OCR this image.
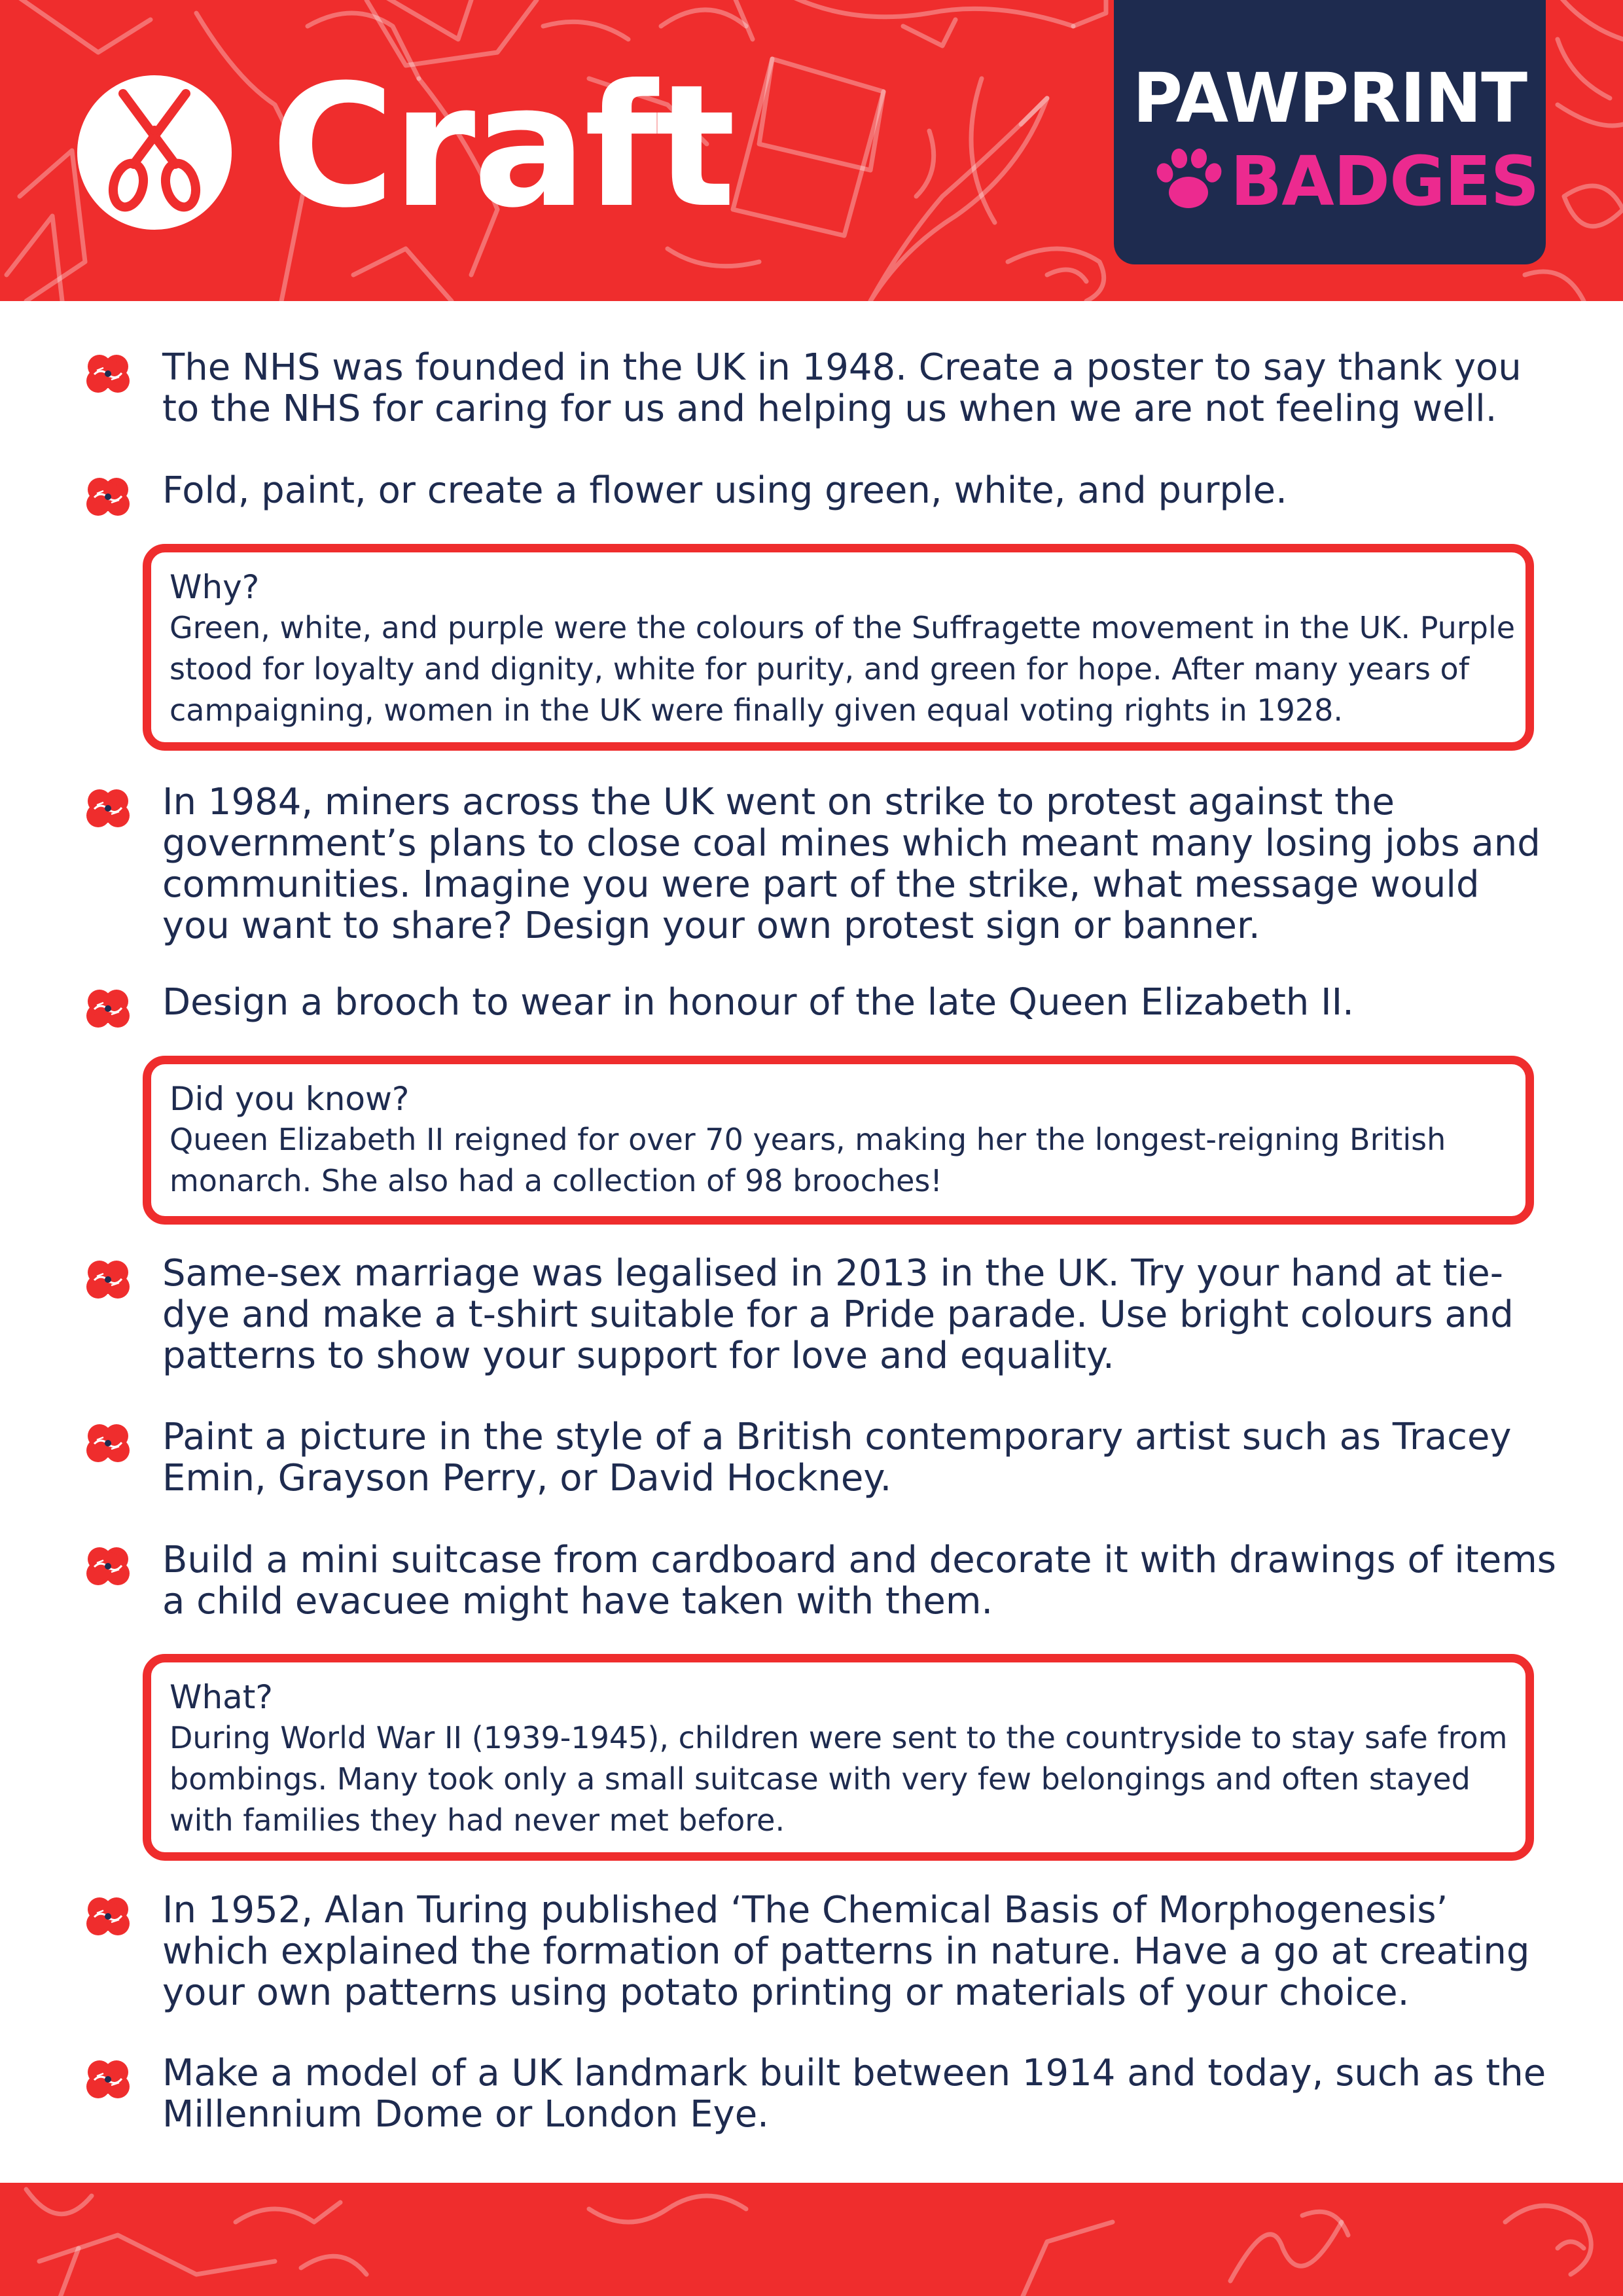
Craft	PAWPRINT
BADGES
The NHS was founded in the UK in 1948. Create a poster to say thank you to the NHS for caring for us and helping us when we are not feeling well.
Fold, paint, or create a flower using green, white, and purple.
Why?
Green, white, and purple were the colours of the Suffragette movement in the UK. Purple stood for loyalty and dignity, white for purity, and green for hope. After many years of campaigning, women in the UK were finally given equal voting rights in 1928.
In 1984, miners across the UK went on strike to protest against the government’s plans to close coal mines which meant many losing jobs and communities. Imagine you were part of the strike, what message would you want to share? Design your own protest sign or banner.
Design a brooch to wear in honour of the late Queen Elizabeth II.
Did you know?
Queen Elizabeth II reigned for over 70 years, making her the longest-reigning British monarch. She also had a collection of 98 brooches!
Same-sex marriage was legalised in 2013 in the UK. Try your hand at tie-dye and make a t-shirt suitable for a Pride parade. Use bright colours and patterns to show your support for love and equality.
Paint a picture in the style of a British contemporary artist such as Tracey Emin, Grayson Perry, or David Hockney.
Build a mini suitcase from cardboard and decorate it with drawings of items a child evacuee might have taken with them.
What?
During World War II (1939-1945), children were sent to the countryside to stay safe from bombings. Many took only a small suitcase with very few belongings and often stayed with families they had never met before.
In 1952, Alan Turing published ‘The Chemical Basis of Morphogenesis’ which explained the formation of patterns in nature. Have a go at creating your own patterns using potato printing or materials of your choice.
Make a model of a UK landmark built between 1914 and today, such as the Millennium Dome or London Eye.
